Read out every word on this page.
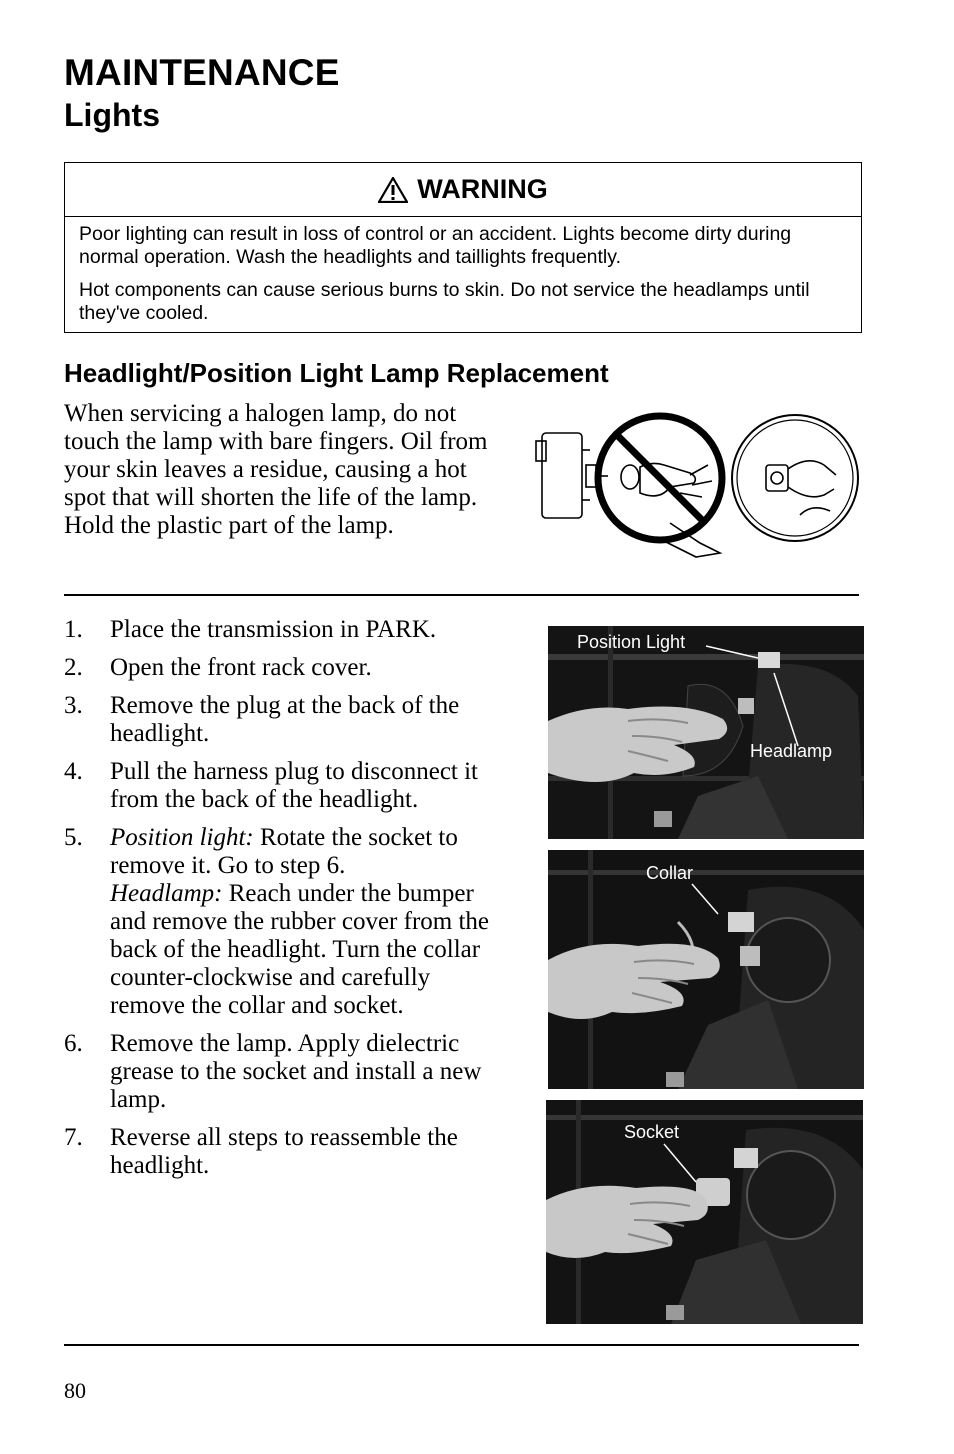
MAINTENANCE
Lights
WARNING

Poor lighting can result in loss of control or an accident. Lights become dirty during normal operation. Wash the headlights and taillights frequently.

Hot components can cause serious burns to skin. Do not service the headlamps until they've cooled.

Headlight/Position Light Lamp Replacement
When servicing a halogen lamp, do not touch the lamp with bare fingers. Oil from your skin leaves a residue, causing a hot spot that will shorten the life of the lamp. Hold the plastic part of the lamp.
1. Place the transmission in PARK.
2. Open the front rack cover.
3. Remove the plug at the back of the headlight.
4. Pull the harness plug to disconnect it from the back of the headlight.
5. Position light: Rotate the socket to remove it. Go to step 6.
Headlamp: Reach under the bumper and remove the rubber cover from the back of the headlight. Turn the collar counter-clockwise and carefully remove the collar and socket.
6. Remove the lamp. Apply dielectric grease to the socket and install a new lamp.
7. Reverse all steps to reassemble the headlight.
Position Light
Headlamp
Collar
Socket
80
